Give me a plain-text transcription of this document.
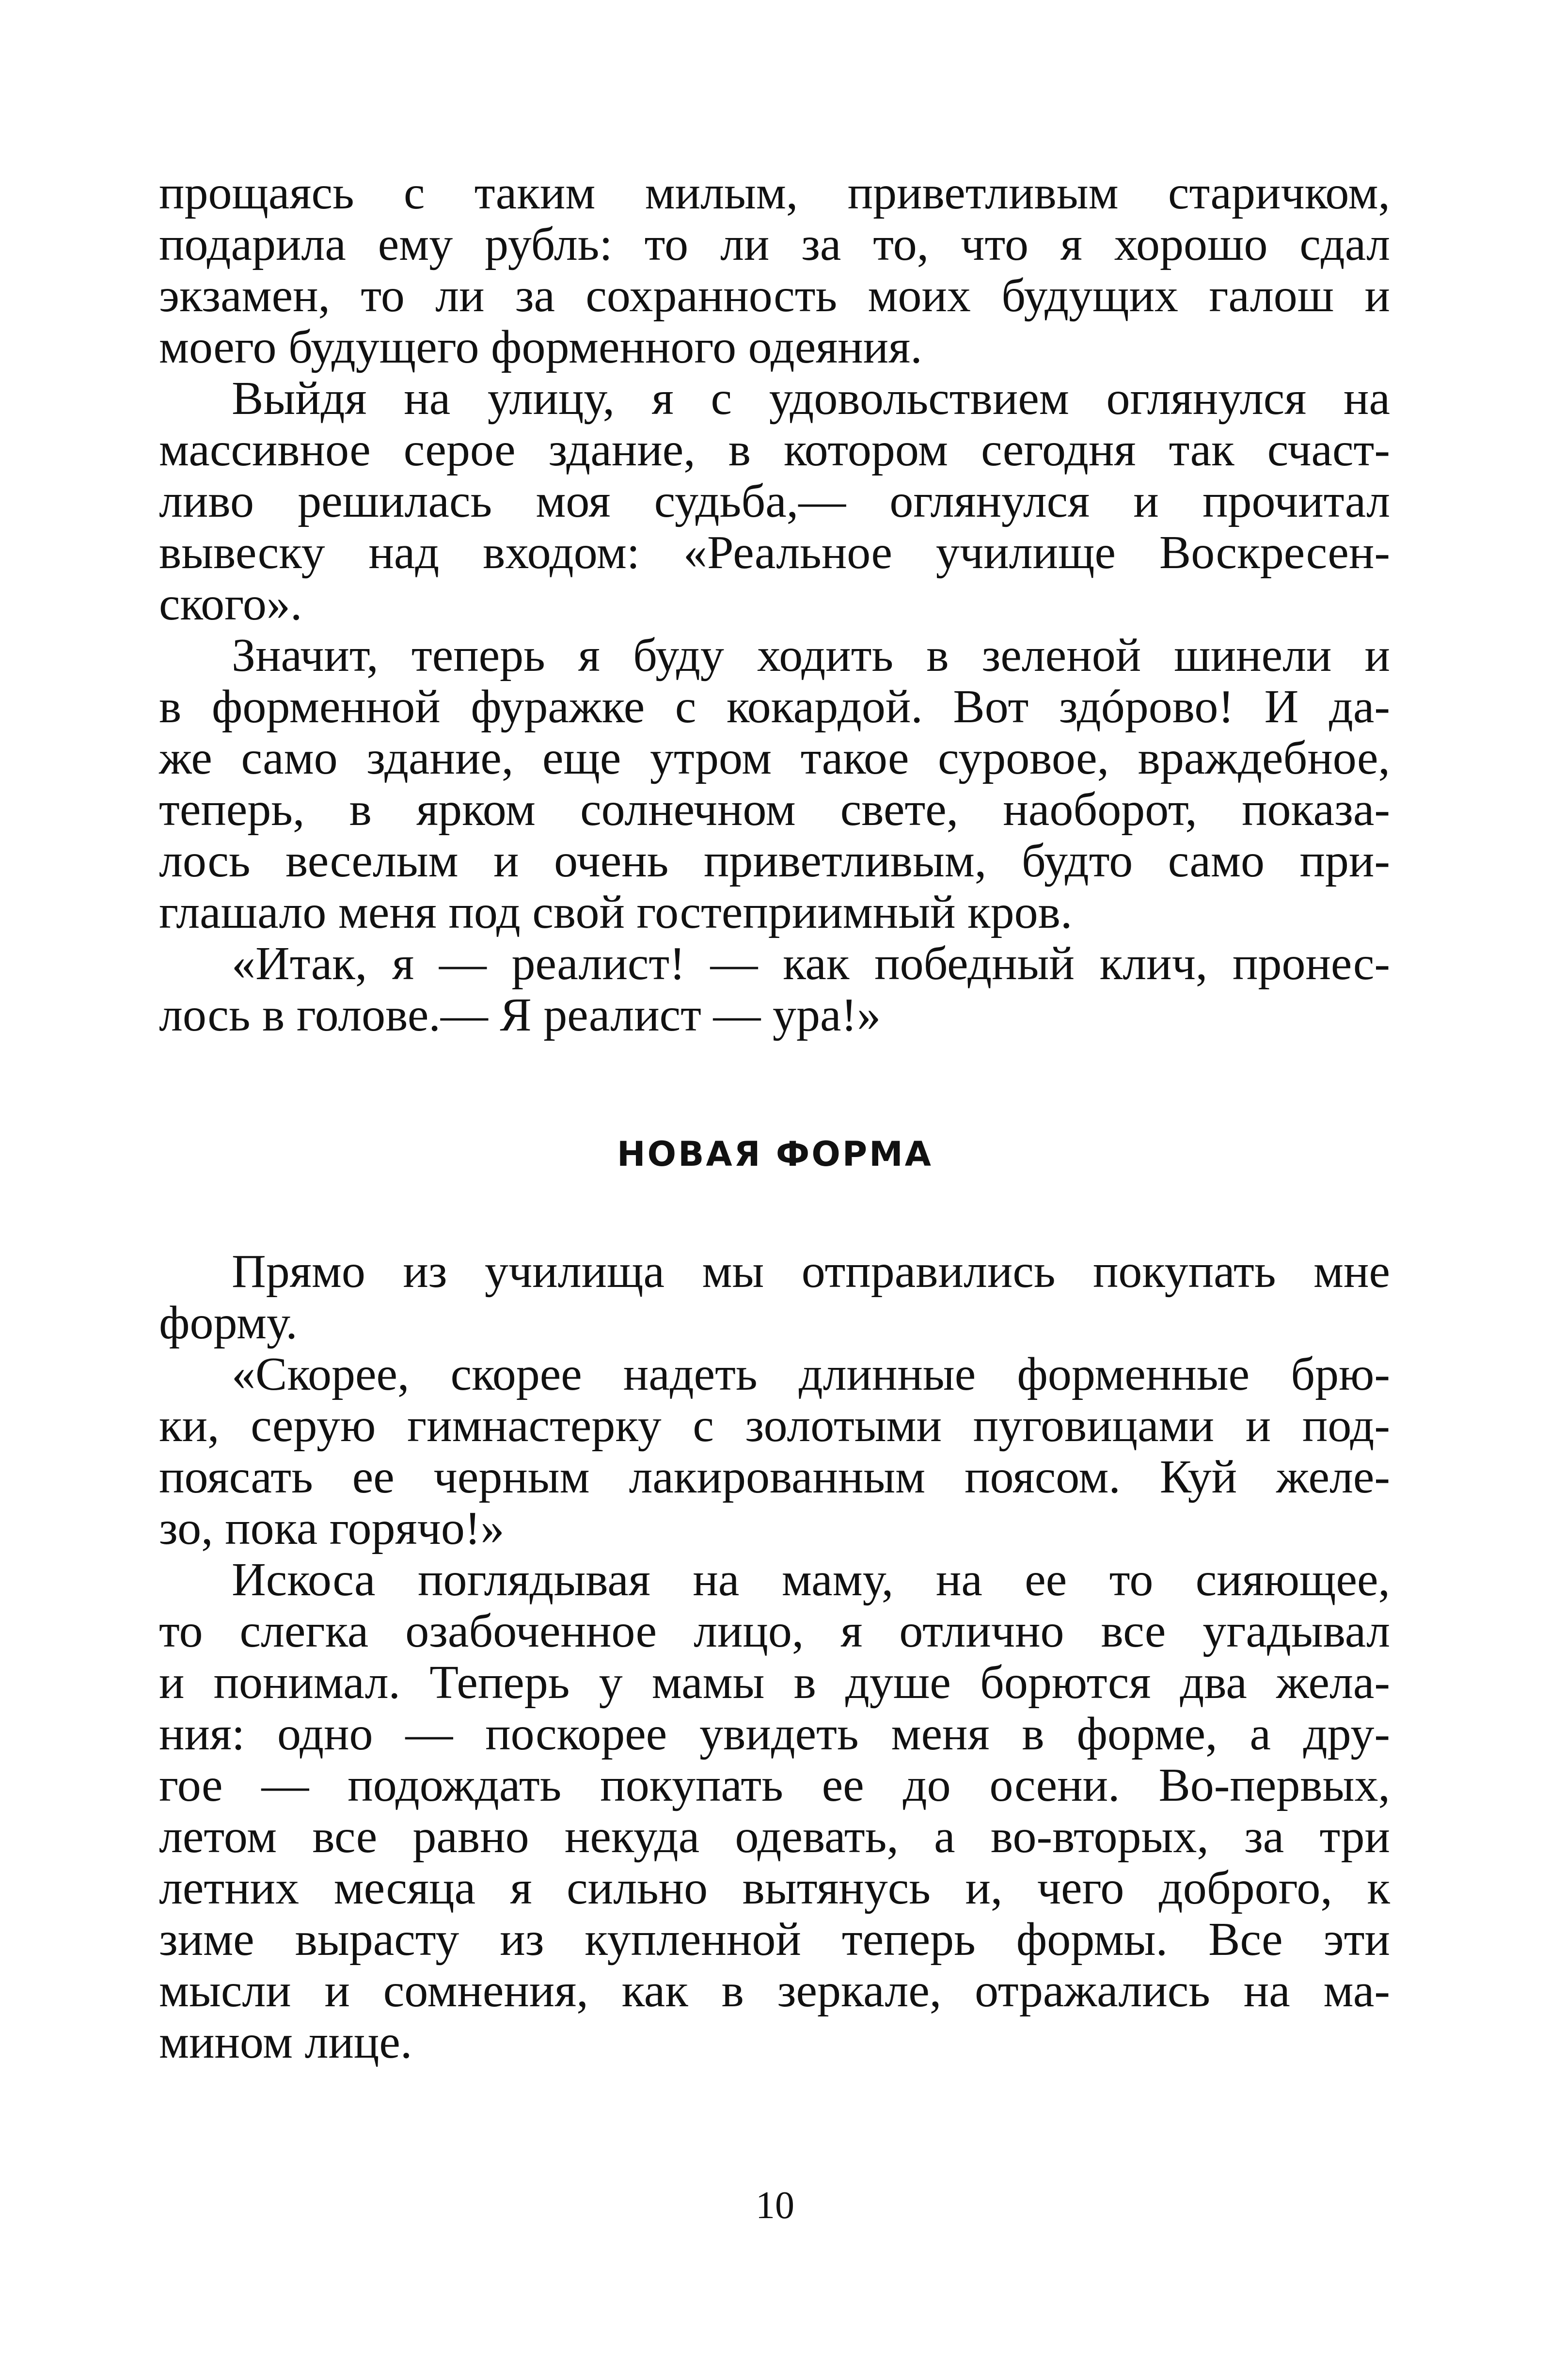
прощаясь с таким милым, приветливым старичком,
подарила ему рубль: то ли за то, что я хорошо сдал
экзамен, то ли за сохранность моих будущих галош и
моего будущего форменного одеяния.
Выйдя на улицу, я с удовольствием оглянулся на
массивное серое здание, в котором сегодня так счаст-
ливо решилась моя судьба,— оглянулся и прочитал
вывеску над входом: «Реальное училище Воскресен-
ского».
Значит, теперь я буду ходить в зеленой шинели и
в форменной фуражке с кокардой. Вот здóрово! И да-
же само здание, еще утром такое суровое, враждебное,
теперь, в ярком солнечном свете, наоборот, показа-
лось веселым и очень приветливым, будто само при-
глашало меня под свой гостеприимный кров.
«Итак, я — реалист! — как победный клич, пронес-
лось в голове.— Я реалист — ура!»
НОВАЯ ФОРМА
Прямо из училища мы отправились покупать мне
форму.
«Скорее, скорее надеть длинные форменные брю-
ки, серую гимнастерку с золотыми пуговицами и под-
поясать ее черным лакированным поясом. Куй желе-
зо, пока горячо!»
Искоса поглядывая на маму, на ее то сияющее,
то слегка озабоченное лицо, я отлично все угадывал
и понимал. Теперь у мамы в душе борются два жела-
ния: одно — поскорее увидеть меня в форме, а дру-
гое — подождать покупать ее до осени. Во-первых,
летом все равно некуда одевать, а во-вторых, за три
летних месяца я сильно вытянусь и, чего доброго, к
зиме вырасту из купленной теперь формы. Все эти
мысли и сомнения, как в зеркале, отражались на ма-
мином лице.
10
